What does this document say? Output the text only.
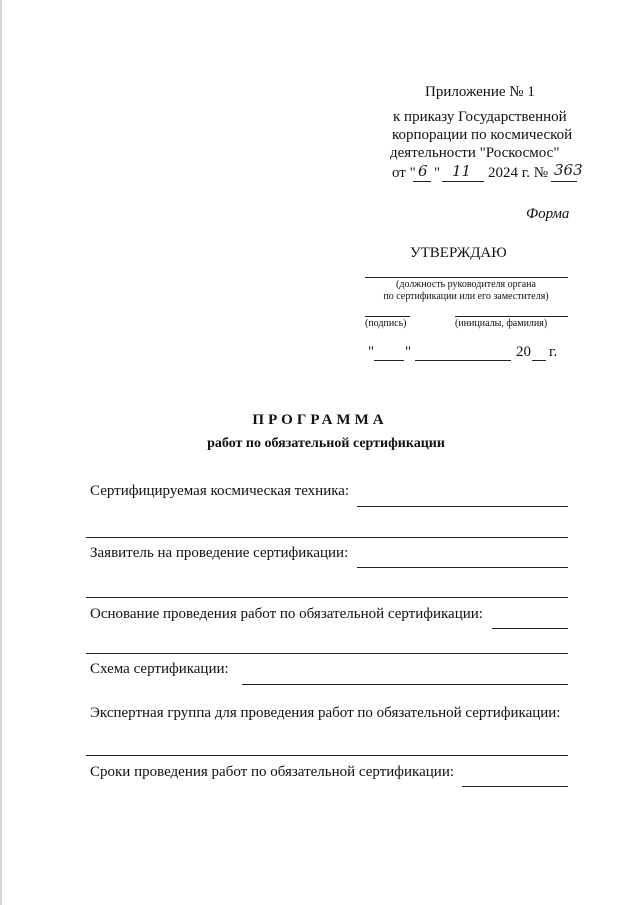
Приложение № 1
к приказу Государственной
корпорации по космической
деятельности "Роскосмос"
от " 6 " 11 2024 г. № 363
Форма
УТВЕРЖДАЮ
(должность руководителя органа
по сертификации или его заместителя)
(подпись)	(инициалы, фамилия)
" "	20 г.
ПРОГРАММА
работ по обязательной сертификации
Сертифицируемая космическая техника:
Заявитель на проведение сертификации:
Основание проведения работ по обязательной сертификации:
Схема сертификации:
Экспертная группа для проведения работ по обязательной сертификации:
Сроки проведения работ по обязательной сертификации:
